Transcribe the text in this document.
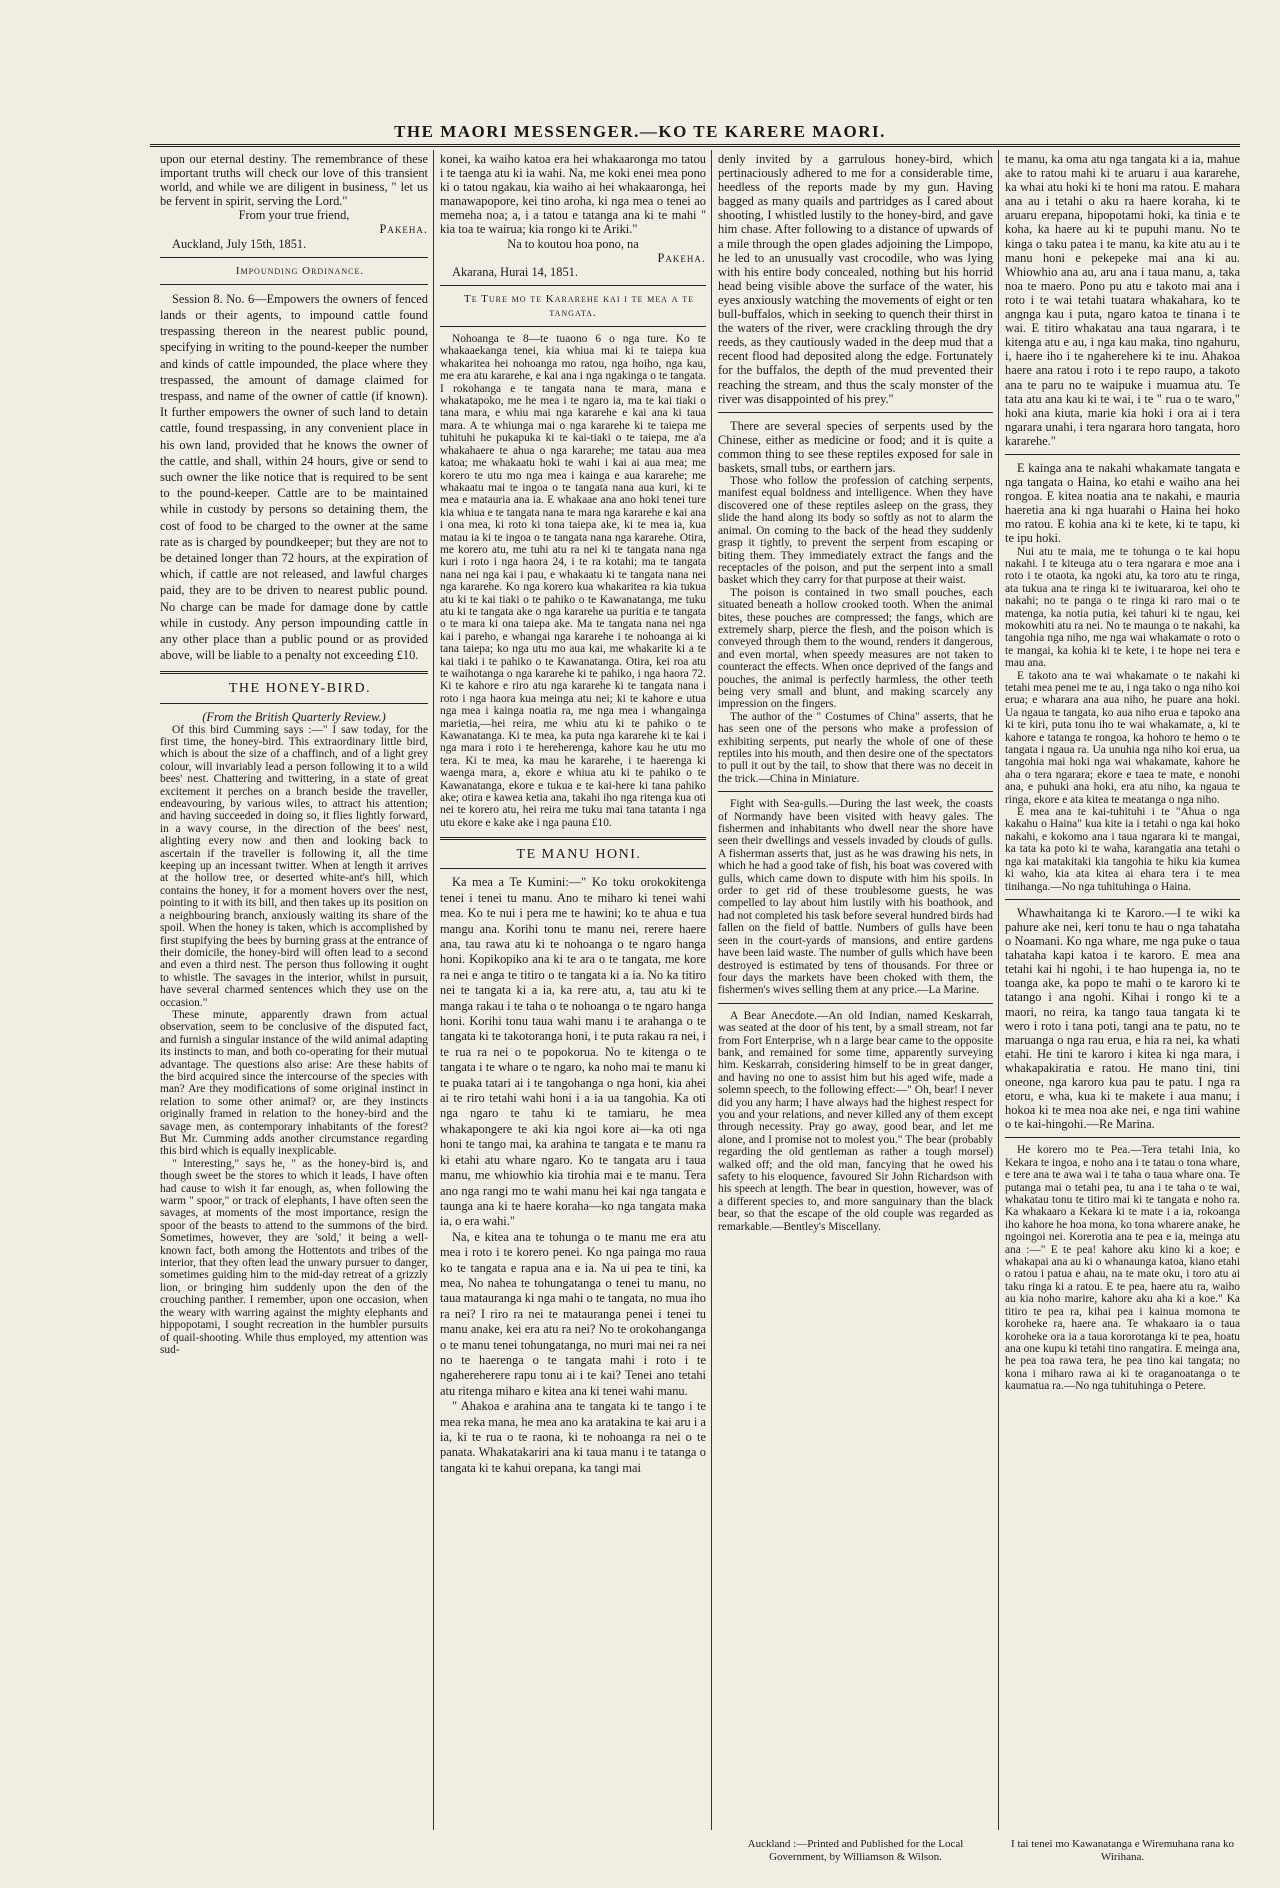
THE MAORI MESSENGER.—KO TE KARERE MAORI.

upon our eternal destiny. The remembrance of these important truths will check our love of this transient world, and while we are diligent in business, " let us be fervent in spirit, serving the Lord."

From your true friend,

Pakeha.

Auckland, July 15th, 1851.

Impounding Ordinance.

Session 8. No. 6—Empowers the owners of fenced lands or their agents, to impound cattle found trespassing thereon in the nearest public pound, specifying in writing to the pound-keeper the number and kinds of cattle impounded, the place where they trespassed, the amount of damage claimed for trespass, and name of the owner of cattle (if known). It further empowers the owner of such land to detain cattle, found trespassing, in any convenient place in his own land, provided that he knows the owner of the cattle, and shall, within 24 hours, give or send to such owner the like notice that is required to be sent to the pound-keeper. Cattle are to be maintained while in custody by persons so detaining them, the cost of food to be charged to the owner at the same rate as is charged by poundkeeper; but they are not to be detained longer than 72 hours, at the expiration of which, if cattle are not released, and lawful charges paid, they are to be driven to nearest public pound. No charge can be made for damage done by cattle while in custody. Any person impounding cattle in any other place than a public pound or as provided above, will be liable to a penalty not exceeding £10.

THE HONEY-BIRD.

(From the British Quarterly Review.)

Of this bird Cumming says :—" I saw today, for the first time, the honey-bird. This extraordinary little bird, which is about the size of a chaffinch, and of a light grey colour, will invariably lead a person following it to a wild bees' nest. Chattering and twittering, in a state of great excitement it perches on a branch beside the traveller, endeavouring, by various wiles, to attract his attention; and having succeeded in doing so, it flies lightly forward, in a wavy course, in the direction of the bees' nest, alighting every now and then and looking back to ascertain if the traveller is following it, all the time keeping up an incessant twitter. When at length it arrives at the hollow tree, or deserted white-ant's hill, which contains the honey, it for a moment hovers over the nest, pointing to it with its bill, and then takes up its position on a neighbouring branch, anxiously waiting its share of the spoil. When the honey is taken, which is accomplished by first stupifying the bees by burning grass at the entrance of their domicile, the honey-bird will often lead to a second and even a third nest. The person thus following it ought to whistle. The savages in the interior, whilst in pursuit, have several charmed sentences which they use on the occasion."

These minute, apparently drawn from actual observation, seem to be conclusive of the disputed fact, and furnish a singular instance of the wild animal adapting its instincts to man, and both co-operating for their mutual advantage. The questions also arise: Are these habits of the bird acquired since the intercourse of the species with man? Are they modifications of some original instinct in relation to some other animal? or, are they instincts originally framed in relation to the honey-bird and the savage men, as contemporary inhabitants of the forest? But Mr. Cumming adds another circumstance regarding this bird which is equally inexplicable.

" Interesting," says he, " as the honey-bird is, and though sweet be the stores to which it leads, I have often had cause to wish it far enough, as, when following the warm " spoor," or track of elephants, I have often seen the savages, at moments of the most importance, resign the spoor of the beasts to attend to the summons of the bird. Sometimes, however, they are 'sold,' it being a well-known fact, both among the Hottentots and tribes of the interior, that they often lead the unwary pursuer to danger, sometimes guiding him to the mid-day retreat of a grizzly lion, or bringing him suddenly upon the den of the crouching panther. I remember, upon one occasion, when the weary with warring against the mighty elephants and hippopotami, I sought recreation in the humbler pursuits of quail-shooting. While thus employed, my attention was sud-

konei, ka waiho katoa era hei whakaaronga mo tatou i te taenga atu ki ia wahi. Na, me koki enei mea pono ki o tatou ngakau, kia waiho ai hei whakaaronga, hei manawapopore, kei tino aroha, ki nga mea o tenei ao memeha noa; a, i a tatou e tatanga ana ki te mahi " kia toa te wairua; kia rongo ki te Ariki."

Na to koutou hoa pono, na

Pakeha.

Akarana, Hurai 14, 1851.

Te Ture mo te Kararehe kai i te mea a te tangata.

Nohoanga te 8—te tuaono 6 o nga ture. Ko te whakaaekanga tenei, kia whiua mai ki te taiepa kua whakaritea hei nohoanga mo ratou, nga hoiho, nga kau, me era atu kararehe, e kai ana i nga ngakinga o te tangata. I rokohanga e te tangata nana te mara, mana e whakatapoko, me he mea i te ngaro ia, ma te kai tiaki o tana mara, e whiu mai nga kararehe e kai ana ki taua mara. A te whiunga mai o nga kararehe ki te taiepa me tuhituhi he pukapuka ki te kai-tiaki o te taiepa, me a'a whakahaere te ahua o nga kararehe; me tatau aua mea katoa; me whakaatu hoki te wahi i kai ai aua mea; me korero te utu mo nga mea i kainga e aua kararehe; me whakaatu mai te ingoa o te tangata nana aua kuri, ki te mea e matauria ana ia. E whakaae ana ano hoki tenei ture kia whiua e te tangata nana te mara nga kararehe e kai ana i ona mea, ki roto ki tona taiepa ake, ki te mea ia, kua matau ia ki te ingoa o te tangata nana nga kararehe. Otira, me korero atu, me tuhi atu ra nei ki te tangata nana nga kuri i roto i nga haora 24, i te ra kotahi; ma te tangata nana nei nga kai i pau, e whakaatu ki te tangata nana nei nga kararehe. Ko nga korero kua whakaritea ra kia tukua atu ki te kai tiaki o te pahiko o te Kawanatanga, me tuku atu ki te tangata ake o nga kararehe ua puritia e te tangata o te mara ki ona taiepa ake. Ma te tangata nana nei nga kai i pareho, e whangai nga kararehe i te nohoanga ai ki tana taiepa; ko nga utu mo aua kai, me whakarite ki a te kai tiaki i te pahiko o te Kawanatanga. Otira, kei roa atu te waihotanga o nga kararehe ki te pahiko, i nga haora 72. Ki te kahore e riro atu nga kararehe ki te tangata nana i roto i nga haora kua meinga atu nei; ki te kahore e utua nga mea i kainga noatia ra, me nga mea i whangainga marietia,—hei reira, me whiu atu ki te pahiko o te Kawanatanga. Ki te mea, ka puta nga kararehe ki te kai i nga mara i roto i te hereherenga, kahore kau he utu mo tera. Ki te mea, ka mau he kararehe, i te haerenga ki waenga mara, a, ekore e whiua atu ki te pahiko o te Kawanatanga, ekore e tukua e te kai-here ki tana pahiko ake; otira e kawea ketia ana, takahi iho nga ritenga kua oti nei te korero atu, hei reira me tuku mai tana tatanta i nga utu ekore e kake ake i nga pauna £10.

TE MANU HONI.

Ka mea a Te Kumini:—" Ko toku orokokitenga tenei i tenei tu manu. Ano te miharo ki tenei wahi mea. Ko te nui i pera me te hawini; ko te ahua e tua mangu ana. Korihi tonu te manu nei, rerere haere ana, tau rawa atu ki te nohoanga o te ngaro hanga honi. Kopikopiko ana ki te ara o te tangata, me kore ra nei e anga te titiro o te tangata ki a ia. No ka titiro nei te tangata ki a ia, ka rere atu, a, tau atu ki te manga rakau i te taha o te nohoanga o te ngaro hanga honi. Korihi tonu taua wahi manu i te arahanga o te tangata ki te takotoranga honi, i te puta rakau ra nei, i te rua ra nei o te popokorua. No te kitenga o te tangata i te whare o te ngaro, ka noho mai te manu ki te puaka tatari ai i te tangohanga o nga honi, kia ahei ai te riro tetahi wahi honi i a ia ua tangohia. Ka oti nga ngaro te tahu ki te tamiaru, he mea whakapongere te aki kia ngoi kore ai—ka oti nga honi te tango mai, ka arahina te tangata e te manu ra ki etahi atu whare ngaro. Ko te tangata aru i taua manu, me whiowhio kia tirohia mai e te manu. Tera ano nga rangi mo te wahi manu hei kai nga tangata e taunga ana ki te haere koraha—ko nga tangata maka ia, o era wahi."

Na, e kitea ana te tohunga o te manu me era atu mea i roto i te korero penei. Ko nga painga mo raua ko te tangata e rapua ana e ia. Na ui pea te tini, ka mea, No nahea te tohungatanga o tenei tu manu, no taua matauranga ki nga mahi o te tangata, no mua iho ra nei? I riro ra nei te matauranga penei i tenei tu manu anake, kei era atu ra nei? No te orokohanganga o te manu tenei tohungatanga, no muri mai nei ra nei no te haerenga o te tangata mahi i roto i te ngahereherere rapu tonu ai i te kai? Tenei ano tetahi atu ritenga miharo e kitea ana ki tenei wahi manu.

" Ahakoa e arahina ana te tangata ki te tango i te mea reka mana, he mea ano ka aratakina te kai aru i a ia, ki te rua o te raona, ki te nohoanga ra nei o te panata. Whakatakariri ana ki taua manu i te tatanga o tangata ki te kahui orepana, ka tangi mai

denly invited by a garrulous honey-bird, which pertinaciously adhered to me for a considerable time, heedless of the reports made by my gun. Having bagged as many quails and partridges as I cared about shooting, I whistled lustily to the honey-bird, and gave him chase. After following to a distance of upwards of a mile through the open glades adjoining the Limpopo, he led to an unusually vast crocodile, who was lying with his entire body concealed, nothing but his horrid head being visible above the surface of the water, his eyes anxiously watching the movements of eight or ten bull-buffalos, which in seeking to quench their thirst in the waters of the river, were crackling through the dry reeds, as they cautiously waded in the deep mud that a recent flood had deposited along the edge. Fortunately for the buffalos, the depth of the mud prevented their reaching the stream, and thus the scaly monster of the river was disappointed of his prey."

There are several species of serpents used by the Chinese, either as medicine or food; and it is quite a common thing to see these reptiles exposed for sale in baskets, small tubs, or earthern jars.

Those who follow the profession of catching serpents, manifest equal boldness and intelligence. When they have discovered one of these reptiles asleep on the grass, they slide the hand along its body so softly as not to alarm the animal. On coming to the back of the head they suddenly grasp it tightly, to prevent the serpent from escaping or biting them. They immediately extract the fangs and the receptacles of the poison, and put the serpent into a small basket which they carry for that purpose at their waist.

The poison is contained in two small pouches, each situated beneath a hollow crooked tooth. When the animal bites, these pouches are compressed; the fangs, which are extremely sharp, pierce the flesh, and the poison which is conveyed through them to the wound, renders it dangerous, and even mortal, when speedy measures are not taken to counteract the effects. When once deprived of the fangs and pouches, the animal is perfectly harmless, the other teeth being very small and blunt, and making scarcely any impression on the fingers.

The author of the " Costumes of China" asserts, that he has seen one of the persons who make a profession of exhibiting serpents, put nearly the whole of one of these reptiles into his mouth, and then desire one of the spectators to pull it out by the tail, to show that there was no deceit in the trick.—China in Miniature.

Fight with Sea-gulls.—During the last week, the coasts of Normandy have been visited with heavy gales. The fishermen and inhabitants who dwell near the shore have seen their dwellings and vessels invaded by clouds of gulls. A fisherman asserts that, just as he was drawing his nets, in which he had a good take of fish, his boat was covered with gulls, which came down to dispute with him his spoils. In order to get rid of these troublesome guests, he was compelled to lay about him lustily with his boathook, and had not completed his task before several hundred birds had fallen on the field of battle. Numbers of gulls have been seen in the court-yards of mansions, and entire gardens have been laid waste. The number of gulls which have been destroyed is estimated by tens of thousands. For three or four days the markets have been choked with them, the fishermen's wives selling them at any price.—La Marine.

A Bear Anecdote.—An old Indian, named Keskarrah, was seated at the door of his tent, by a small stream, not far from Fort Enterprise, wh n a large bear came to the opposite bank, and remained for some time, apparently surveying him. Keskarrah, considering himself to be in great danger, and having no one to assist him but his aged wife, made a solemn speech, to the following effect:—" Oh, bear! I never did you any harm; I have always had the highest respect for you and your relations, and never killed any of them except through necessity. Pray go away, good bear, and let me alone, and I promise not to molest you." The bear (probably regarding the old gentleman as rather a tough morsel) walked off; and the old man, fancying that he owed his safety to his eloquence, favoured Sir John Richardson with his speech at length. The bear in question, however, was of a different species to, and more sanguinary than the black bear, so that the escape of the old couple was regarded as remarkable.—Bentley's Miscellany.

Auckland :—Printed and Published for the Local Government, by Williamson & Wilson.

te manu, ka oma atu nga tangata ki a ia, mahue ake to ratou mahi ki te aruaru i aua kararehe, ka whai atu hoki ki te honi ma ratou. E mahara ana au i tetahi o aku ra haere koraha, ki te aruaru erepana, hipopotami hoki, ka tinia e te koha, ka haere au ki te pupuhi manu. No te kinga o taku patea i te manu, ka kite atu au i te manu honi e pekepeke mai ana ki au. Whiowhio ana au, aru ana i taua manu, a, taka noa te maero. Pono pu atu e takoto mai ana i roto i te wai tetahi tuatara whakahara, ko te angnga kau i puta, ngaro katoa te tinana i te wai. E titiro whakatau ana taua ngarara, i te kitenga atu e au, i nga kau maka, tino ngahuru, i, haere iho i te ngaherehere ki te inu. Ahakoa haere ana ratou i roto i te repo raupo, a takoto ana te paru no te waipuke i muamua atu. Te tata atu ana kau ki te wai, i te " rua o te waro," hoki ana kiuta, marie kia hoki i ora ai i tera ngarara unahi, i tera ngarara horo tangata, horo kararehe."

E kainga ana te nakahi whakamate tangata e nga tangata o Haina, ko etahi e waiho ana hei rongoa. E kitea noatia ana te nakahi, e mauria haeretia ana ki nga huarahi o Haina hei hoko mo ratou. E kohia ana ki te kete, ki te tapu, ki te ipu hoki.

Nui atu te maia, me te tohunga o te kai hopu nakahi. I te kiteuga atu o tera ngarara e moe ana i roto i te otaota, ka ngoki atu, ka toro atu te ringa, ata tukua ana te ringa ki te iwituararoa, kei oho te nakahi; no te panga o te ringa ki raro mai o te matenga, ka notia putia, kei tahuri ki te ngau, kei mokowhiti atu ra nei. No te maunga o te nakahi, ka tangohia nga niho, me nga wai whakamate o roto o te mangai, ka kohia ki te kete, i te hope nei tera e mau ana.

E takoto ana te wai whakamate o te nakahi ki tetahi mea penei me te au, i nga tako o nga niho koi erua; e wharara ana aua niho, he puare ana hoki. Ua ngaua te tangata, ko aua niho erua e tapoko ana ki te kiri, puta tonu iho te wai whakamate, a, ki te kahore e tatanga te rongoa, ka hohoro te hemo o te tangata i ngaua ra. Ua unuhia nga niho koi erua, ua tangohia mai hoki nga wai whakamate, kahore he aha o tera ngarara; ekore e taea te mate, e nonohi ana, e puhuki ana hoki, era atu niho, ka ngaua te ringa, ekore e ata kitea te meatanga o nga niho.

E mea ana te kai-tuhituhi i te "Ahua o nga kakahu o Haina" kua kite ia i tetahi o nga kai hoko nakahi, e kokomo ana i taua ngarara ki te mangai, ka tata ka poto ki te waha, karangatia ana tetahi o nga kai matakitaki kia tangohia te hiku kia kumea ki waho, kia ata kitea ai ehara tera i te mea tinihanga.—No nga tuhituhinga o Haina.

Whawhaitanga ki te Karoro.—I te wiki ka pahure ake nei, keri tonu te hau o nga tahataha o Noamani. Ko nga whare, me nga puke o taua tahataha kapi katoa i te karoro. E mea ana tetahi kai hi ngohi, i te hao hupenga ia, no te toanga ake, ka popo te mahi o te karoro ki te tatango i ana ngohi. Kihai i rongo ki te a maori, no reira, ka tango taua tangata ki te wero i roto i tana poti, tangi ana te patu, no te maruanga o nga rau erua, e hia ra nei, ka whati etahi. He tini te karoro i kitea ki nga mara, i whakapakiratia e ratou. He mano tini, tini oneone, nga karoro kua pau te patu. I nga ra etoru, e wha, kua ki te makete i aua manu; i hokoa ki te mea noa ake nei, e nga tini wahine o te kai-hingohi.—Re Marina.

He korero mo te Pea.—Tera tetahi Inia, ko Kekara te ingoa, e noho ana i te tatau o tona whare, e tere ana te awa wai i te taha o taua whare ona. Te putanga mai o tetahi pea, tu ana i te taha o te wai, whakatau tonu te titiro mai ki te tangata e noho ra. Ka whakaaro a Kekara ki te mate i a ia, rokoanga iho kahore he hoa mona, ko tona wharere anake, he ngoingoi nei. Korerotia ana te pea e ia, meinga atu ana :—" E te pea! kahore aku kino ki a koe; e whakapai ana au ki o whanaunga katoa, kiano etahi o ratou i patua e ahau, na te mate oku, i toro atu ai taku ringa ki a ratou. E te pea, haere atu ra, waiho au kia noho marire, kahore aku aha ki a koe." Ka titiro te pea ra, kihai pea i kainua momona te koroheke ra, haere ana. Te whakaaro ia o taua koroheke ora ia a taua kororotanga ki te pea, hoatu ana one kupu ki tetahi tino rangatira. E meinga ana, he pea toa rawa tera, he pea tino kai tangata; no kona i miharo rawa ai ki te oraganoatanga o te kaumatua ra.—No nga tuhituhinga o Petere.

I tai tenei mo Kawanatanga e Wiremuhana rana ko Wirihana.
